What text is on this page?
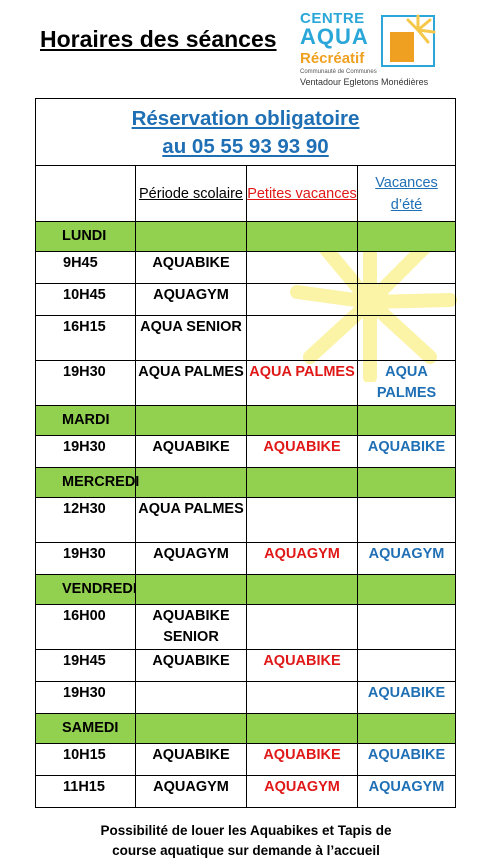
Horaires des séances
CENTRE
AQUA
Récréatif
Communauté de Communes
Ventadour Egletons Monédières
Réservation obligatoire
au 05 55 93 93 90			

	Période scolaire	Petites vacances	Vacances d’été
LUNDI			
9H45	AQUABIKE		
10H45	AQUAGYM		
16H15	AQUA SENIOR		
19H30	AQUA PALMES	AQUA PALMES	AQUA PALMES
MARDI			
19H30	AQUABIKE	AQUABIKE	AQUABIKE
MERCREDI			
12H30	AQUA PALMES		
19H30	AQUAGYM	AQUAGYM	AQUAGYM
VENDREDI			
16H00	AQUABIKE SENIOR		
19H45	AQUABIKE	AQUABIKE	
19H30			AQUABIKE
SAMEDI			
10H15	AQUABIKE	AQUABIKE	AQUABIKE
11H15	AQUAGYM	AQUAGYM	AQUAGYM
Possibilité de louer les Aquabikes et Tapis de
course aquatique sur demande à l’accueil
